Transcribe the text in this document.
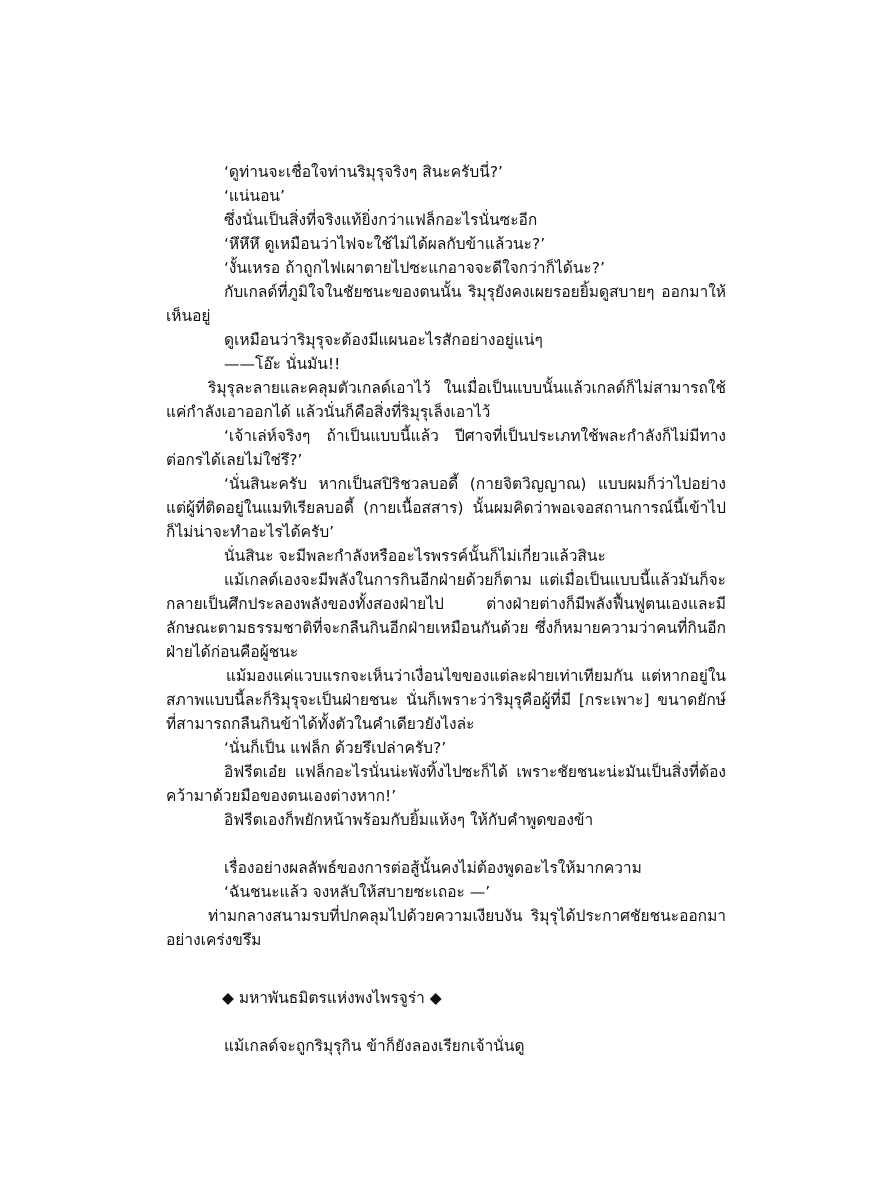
‘ดูท่านจะเชื่อใจท่านริมุรุจริงๆ สินะครับนี่?’

‘แน่นอน’

ซึ่งนั่นเป็นสิ่งที่จริงแท้ยิ่งกว่าแฟล็กอะไรนั่นซะอีก

‘หึหึหึ ดูเหมือนว่าไฟจะใช้ไม่ได้ผลกับข้าแล้วนะ?’

‘งั้นเหรอ ถ้าถูกไฟเผาตายไปซะแกอาจจะดีใจกว่าก็ได้นะ?’

กับเกลด์ที่ภูมิใจในชัยชนะของตนนั้น ริมุรุยังคงเผยรอยยิ้มดูสบายๆ ออกมาให้เห็นอยู่

ดูเหมือนว่าริมุรุจะต้องมีแผนอะไรสักอย่างอยู่แน่ๆ

——โอ๊ะ นั่นมัน!!

ริมุรุละลายและคลุมตัวเกลด์เอาไว้ ในเมื่อเป็นแบบนั้นแล้วเกลด์ก็ไม่สามารถใช้แค่กำลังเอาออกได้ แล้วนั่นก็คือสิ่งที่ริมุรุเล็งเอาไว้

‘เจ้าเล่ห์จริงๆ ถ้าเป็นแบบนี้แล้ว ปีศาจที่เป็นประเภทใช้พละกำลังก็ไม่มีทางต่อกรได้เลยไม่ใช่รึ?’

‘นั่นสินะครับ หากเป็นสปิริชวลบอดี้ (กายจิตวิญญาณ) แบบผมก็ว่าไปอย่าง แต่ผู้ที่ติดอยู่ในแมทิเรียลบอดี้ (กายเนื้อสสาร) นั้นผมคิดว่าพอเจอสถานการณ์นี้เข้าไปก็ไม่น่าจะทำอะไรได้ครับ’

นั่นสินะ จะมีพละกำลังหรืออะไรพรรค์นั้นก็ไม่เกี่ยวแล้วสินะ

แม้เกลด์เองจะมีพลังในการกินอีกฝ่ายด้วยก็ตาม แต่เมื่อเป็นแบบนี้แล้วมันก็จะกลายเป็นศึกประลองพลังของทั้งสองฝ่ายไป ต่างฝ่ายต่างก็มีพลังฟื้นฟูตนเองและมีลักษณะตามธรรมชาติที่จะกลืนกินอีกฝ่ายเหมือนกันด้วย ซึ่งก็หมายความว่าคนที่กินอีกฝ่ายได้ก่อนคือผู้ชนะ

แม้มองแค่แวบแรกจะเห็นว่าเงื่อนไขของแต่ละฝ่ายเท่าเทียมกัน แต่หากอยู่ในสภาพแบบนี้ละก็ริมุรุจะเป็นฝ่ายชนะ นั่นก็เพราะว่าริมุรุคือผู้ที่มี [กระเพาะ] ขนาดยักษ์ที่สามารถกลืนกินข้าได้ทั้งตัวในคำเดียวยังไงล่ะ

‘นั่นก็เป็น แฟล็ก ด้วยรึเปล่าครับ?’

อิฟรีตเอ๋ย แฟล็กอะไรนั่นน่ะพังทิ้งไปซะก็ได้ เพราะชัยชนะน่ะมันเป็นสิ่งที่ต้องคว้ามาด้วยมือของตนเองต่างหาก!’

อิฟรีตเองก็พยักหน้าพร้อมกับยิ้มแห้งๆ ให้กับคำพูดของข้า

เรื่องอย่างผลลัพธ์ของการต่อสู้นั้นคงไม่ต้องพูดอะไรให้มากความ

‘ฉันชนะแล้ว จงหลับให้สบายซะเถอะ —’

ท่ามกลางสนามรบที่ปกคลุมไปด้วยความเงียบงัน ริมุรุได้ประกาศชัยชนะออกมาอย่างเคร่งขรึม

◆ มหาพันธมิตรแห่งพงไพรจูร่า ◆

แม้เกลด์จะถูกริมุรุกิน ข้าก็ยังลองเรียกเจ้านั่นดู
